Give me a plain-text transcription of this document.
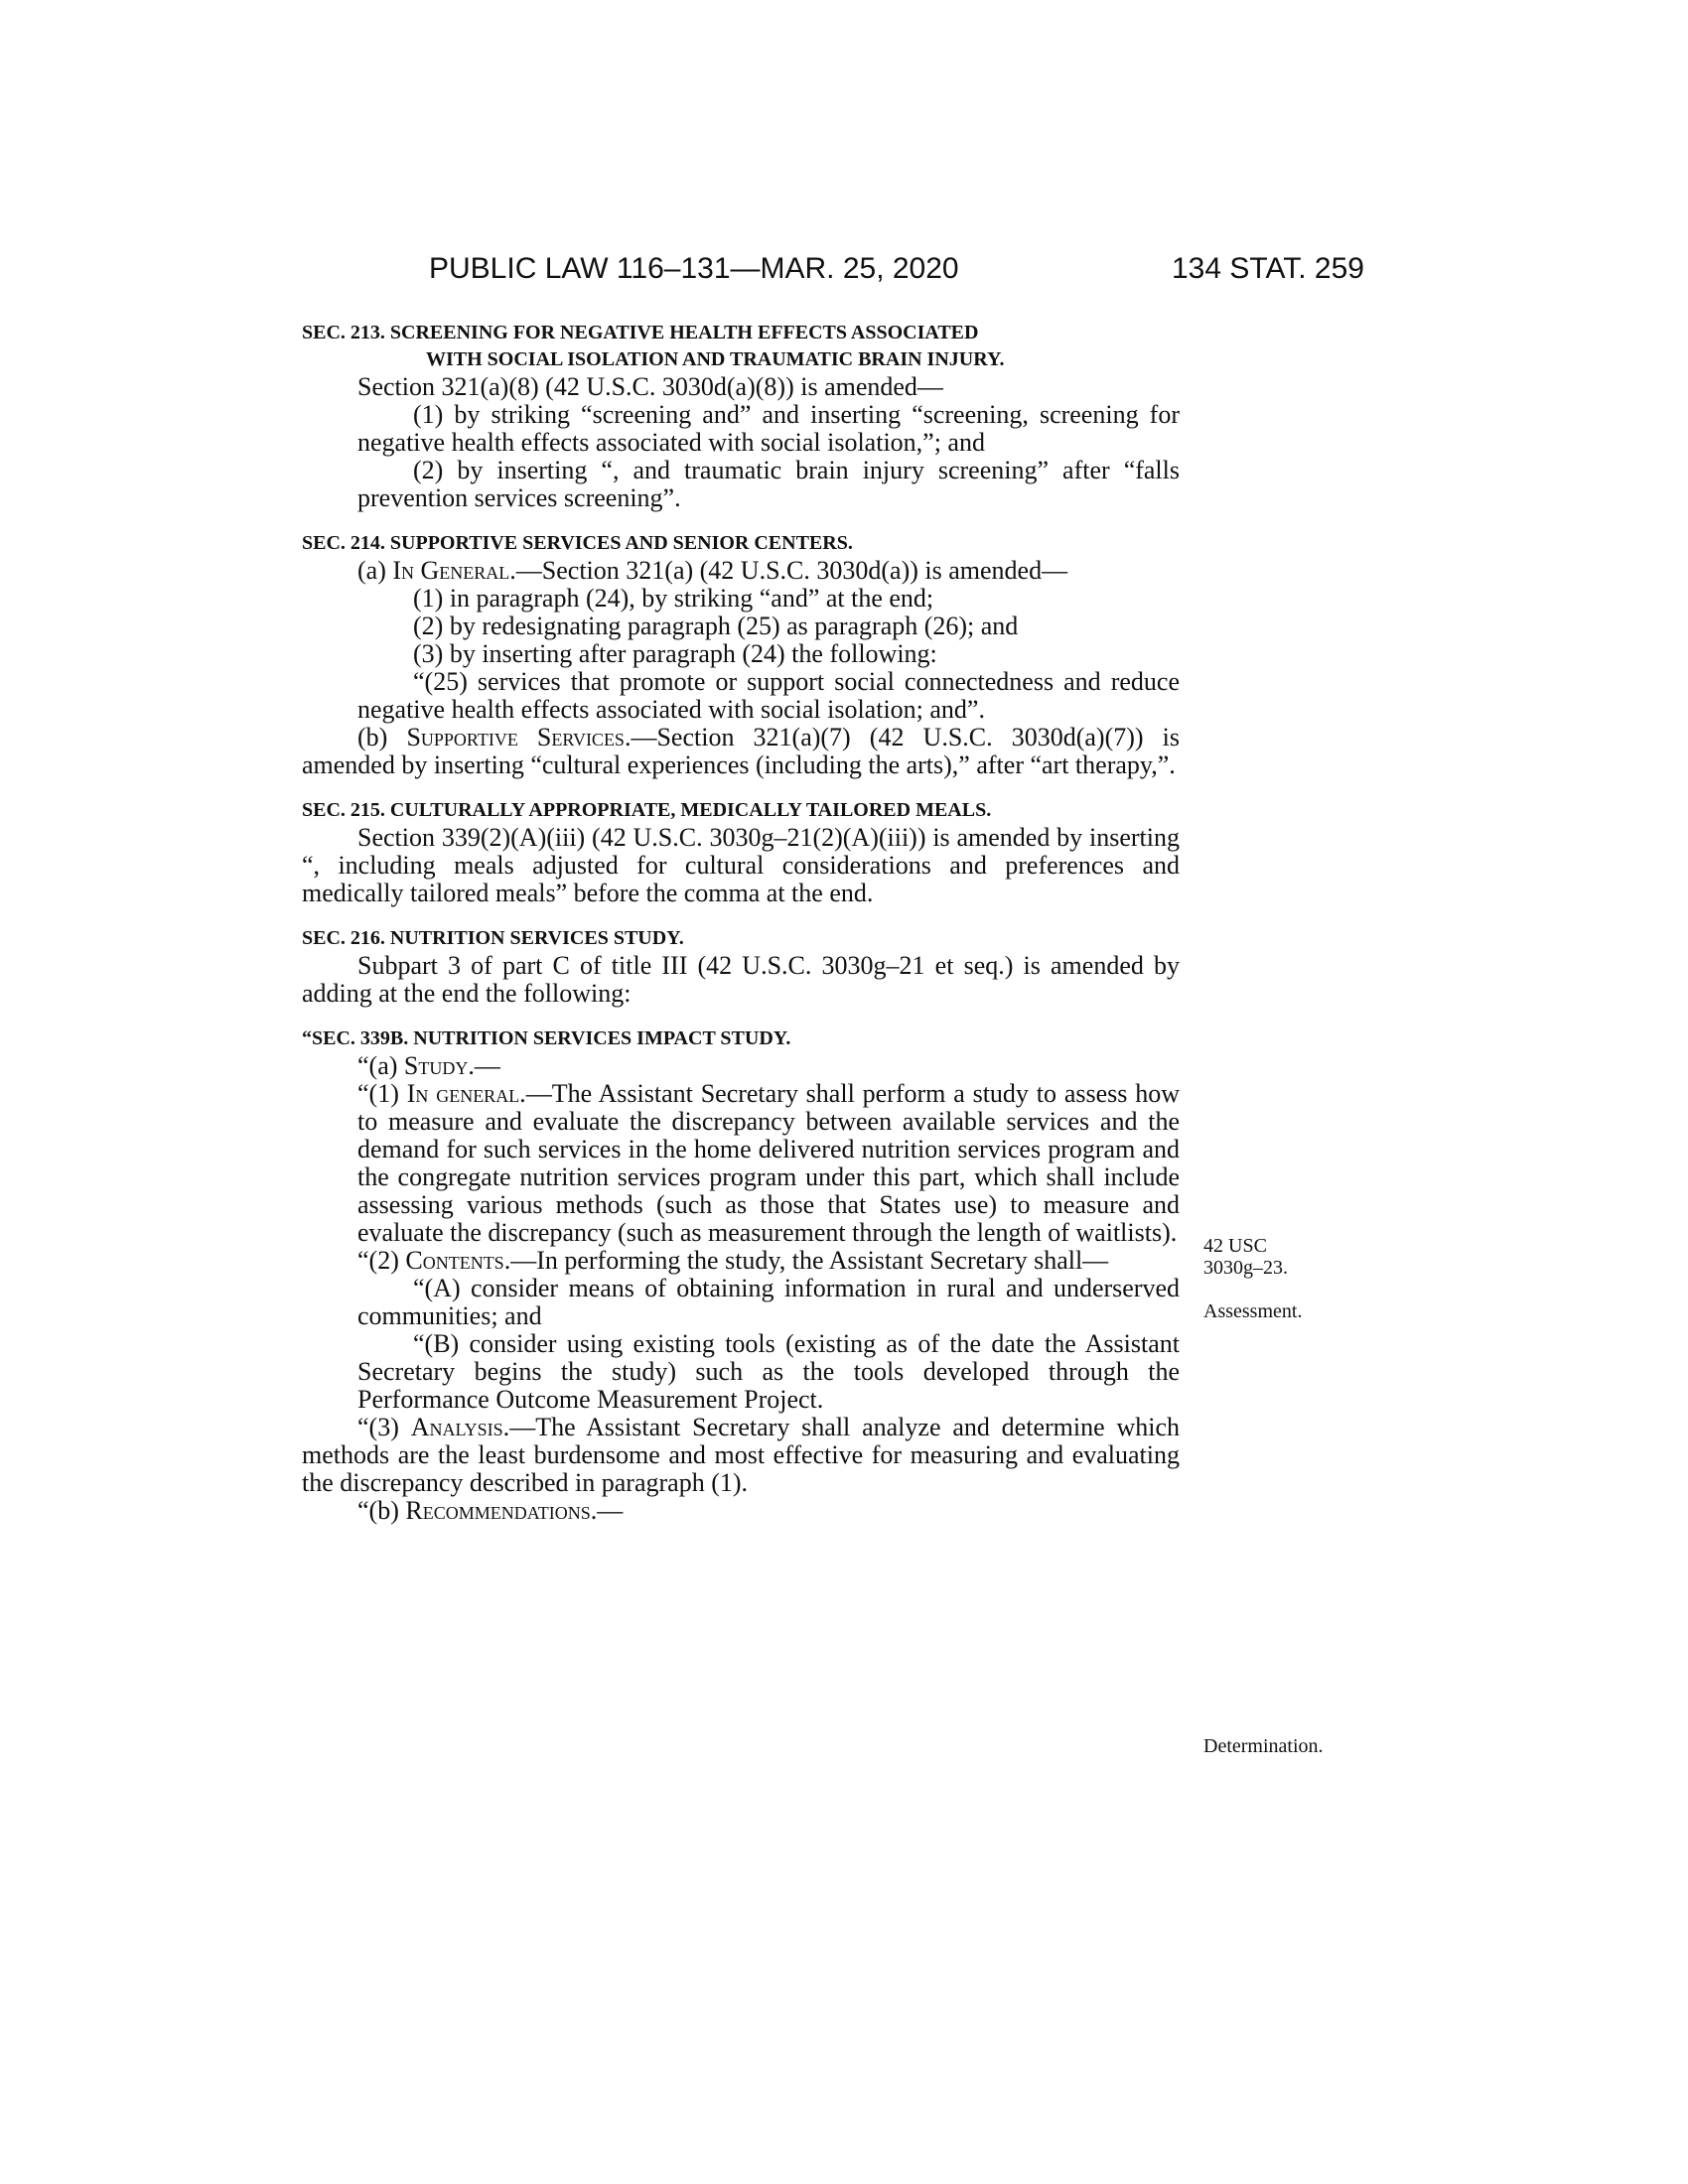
PUBLIC LAW 116–131—MAR. 25, 2020	134 STAT. 259
SEC. 213. SCREENING FOR NEGATIVE HEALTH EFFECTS ASSOCIATED
WITH SOCIAL ISOLATION AND TRAUMATIC BRAIN INJURY.

Section 321(a)(8) (42 U.S.C. 3030d(a)(8)) is amended—

(1) by striking “screening and” and inserting “screening, screening for negative health effects associated with social isolation,”; and

(2) by inserting “, and traumatic brain injury screening” after “falls prevention services screening”.

SEC. 214. SUPPORTIVE SERVICES AND SENIOR CENTERS.

(a) In General.—Section 321(a) (42 U.S.C. 3030d(a)) is amended—

(1) in paragraph (24), by striking “and” at the end;

(2) by redesignating paragraph (25) as paragraph (26); and

(3) by inserting after paragraph (24) the following:

“(25) services that promote or support social connectedness and reduce negative health effects associated with social isolation; and”.

(b) Supportive Services.—Section 321(a)(7) (42 U.S.C. 3030d(a)(7)) is amended by inserting “cultural experiences (including the arts),” after “art therapy,”.

SEC. 215. CULTURALLY APPROPRIATE, MEDICALLY TAILORED MEALS.

Section 339(2)(A)(iii) (42 U.S.C. 3030g–21(2)(A)(iii)) is amended by inserting “, including meals adjusted for cultural considerations and preferences and medically tailored meals” before the comma at the end.

SEC. 216. NUTRITION SERVICES STUDY.

Subpart 3 of part C of title III (42 U.S.C. 3030g–21 et seq.) is amended by adding at the end the following:

“SEC. 339B. NUTRITION SERVICES IMPACT STUDY.

“(a) Study.—

“(1) In general.—The Assistant Secretary shall perform a study to assess how to measure and evaluate the discrepancy between available services and the demand for such services in the home delivered nutrition services program and the congregate nutrition services program under this part, which shall include assessing various methods (such as those that States use) to measure and evaluate the discrepancy (such as measurement through the length of waitlists).

“(2) Contents.—In performing the study, the Assistant Secretary shall—

“(A) consider means of obtaining information in rural and underserved communities; and

“(B) consider using existing tools (existing as of the date the Assistant Secretary begins the study) such as the tools developed through the Performance Outcome Measurement Project.

“(3) Analysis.—The Assistant Secretary shall analyze and determine which methods are the least burdensome and most effective for measuring and evaluating the discrepancy described in paragraph (1).

“(b) Recommendations.—

42 USC
3030g–23.
Assessment.
Determination.
